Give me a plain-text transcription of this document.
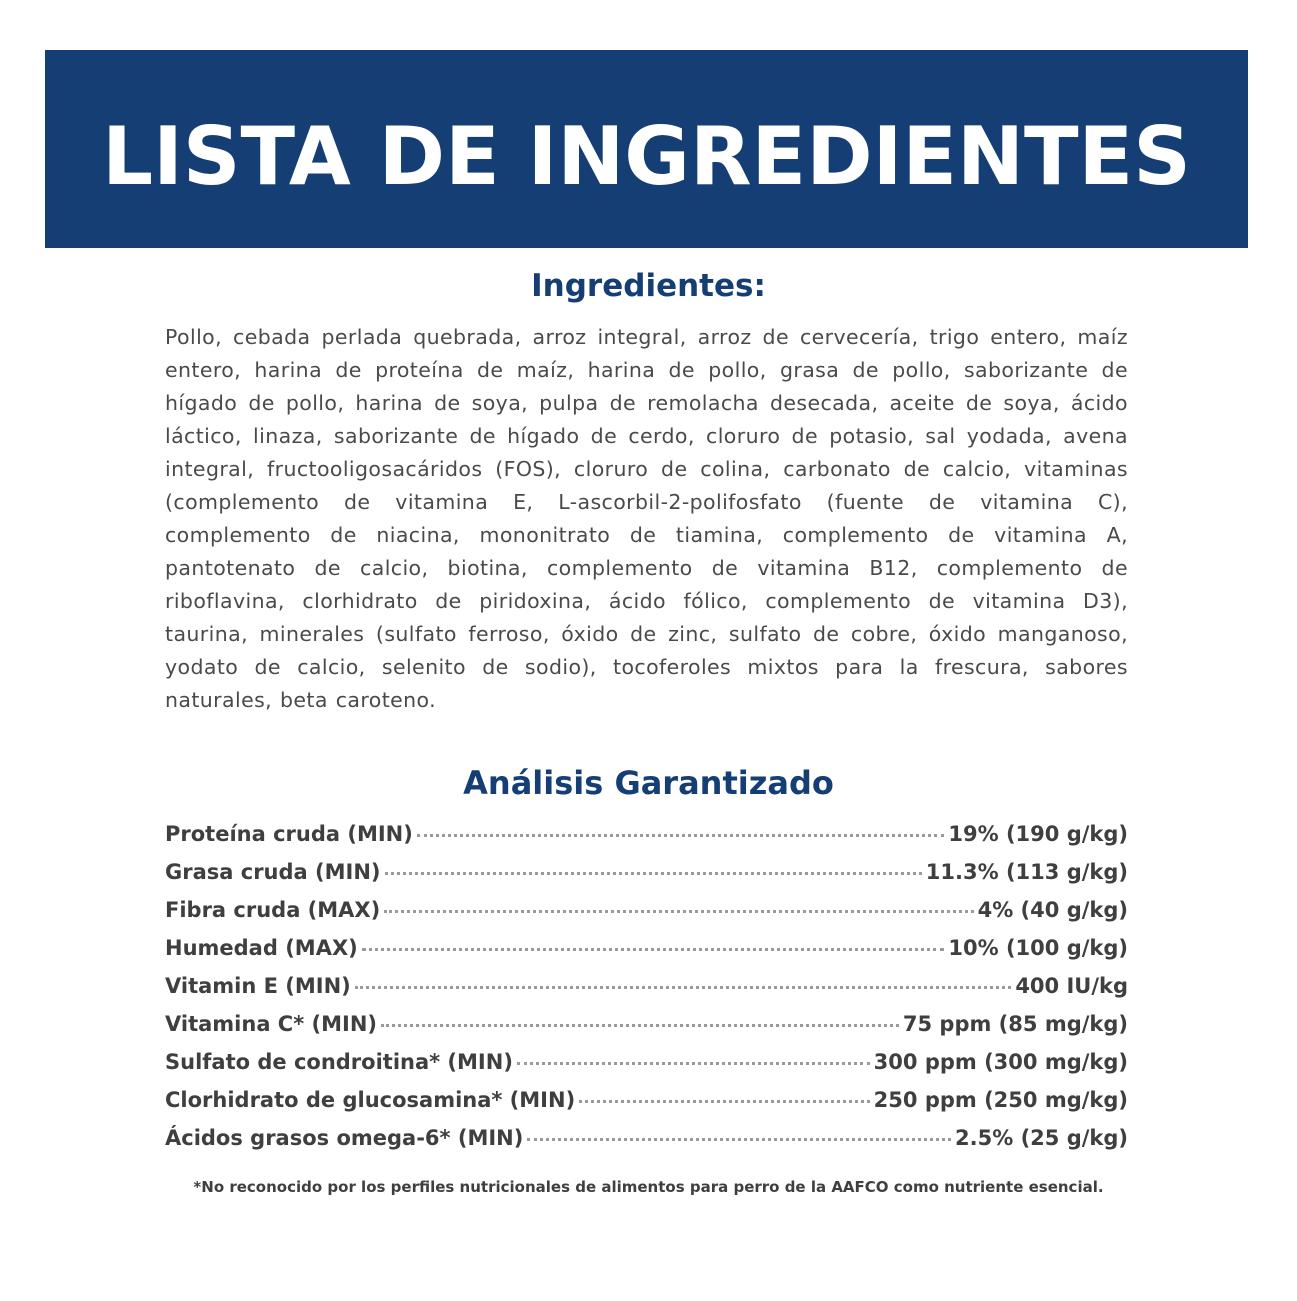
LISTA DE INGREDIENTES
Ingredientes:
Pollo, cebada perlada quebrada, arroz integral, arroz de cervecería, trigo entero, maíz entero, harina de proteína de maíz, harina de pollo, grasa de pollo, saborizante de hígado de pollo, harina de soya, pulpa de remolacha desecada, aceite de soya, ácido láctico, linaza, saborizante de hígado de cerdo, cloruro de potasio, sal yodada, avena integral, fructooligosacáridos (FOS), cloruro de colina, carbonato de calcio, vitaminas (complemento de vitamina E, L-ascorbil-2-polifosfato (fuente de vitamina C), complemento de niacina, mononitrato de tiamina, complemento de vitamina A, pantotenato de calcio, biotina, complemento de vitamina B12, complemento de riboflavina, clorhidrato de piridoxina, ácido fólico, complemento de vitamina D3), taurina, minerales (sulfato ferroso, óxido de zinc, sulfato de cobre, óxido manganoso, yodato de calcio, selenito de sodio), tocoferoles mixtos para la frescura, sabores naturales, beta caroteno.
Análisis Garantizado
Proteína cruda (MIN)	19% (190 g/kg)
Grasa cruda (MIN)	11.3% (113 g/kg)
Fibra cruda (MAX)	4% (40 g/kg)
Humedad (MAX)	10% (100 g/kg)
Vitamin E (MIN)	400 IU/kg
Vitamina C* (MIN)	75 ppm (85 mg/kg)
Sulfato de condroitina* (MIN)	300 ppm (300 mg/kg)
Clorhidrato de glucosamina* (MIN)	250 ppm (250 mg/kg)
Ácidos grasos omega-6* (MIN)	2.5% (25 g/kg)
*No reconocido por los perfiles nutricionales de alimentos para perro de la AAFCO como nutriente esencial.
